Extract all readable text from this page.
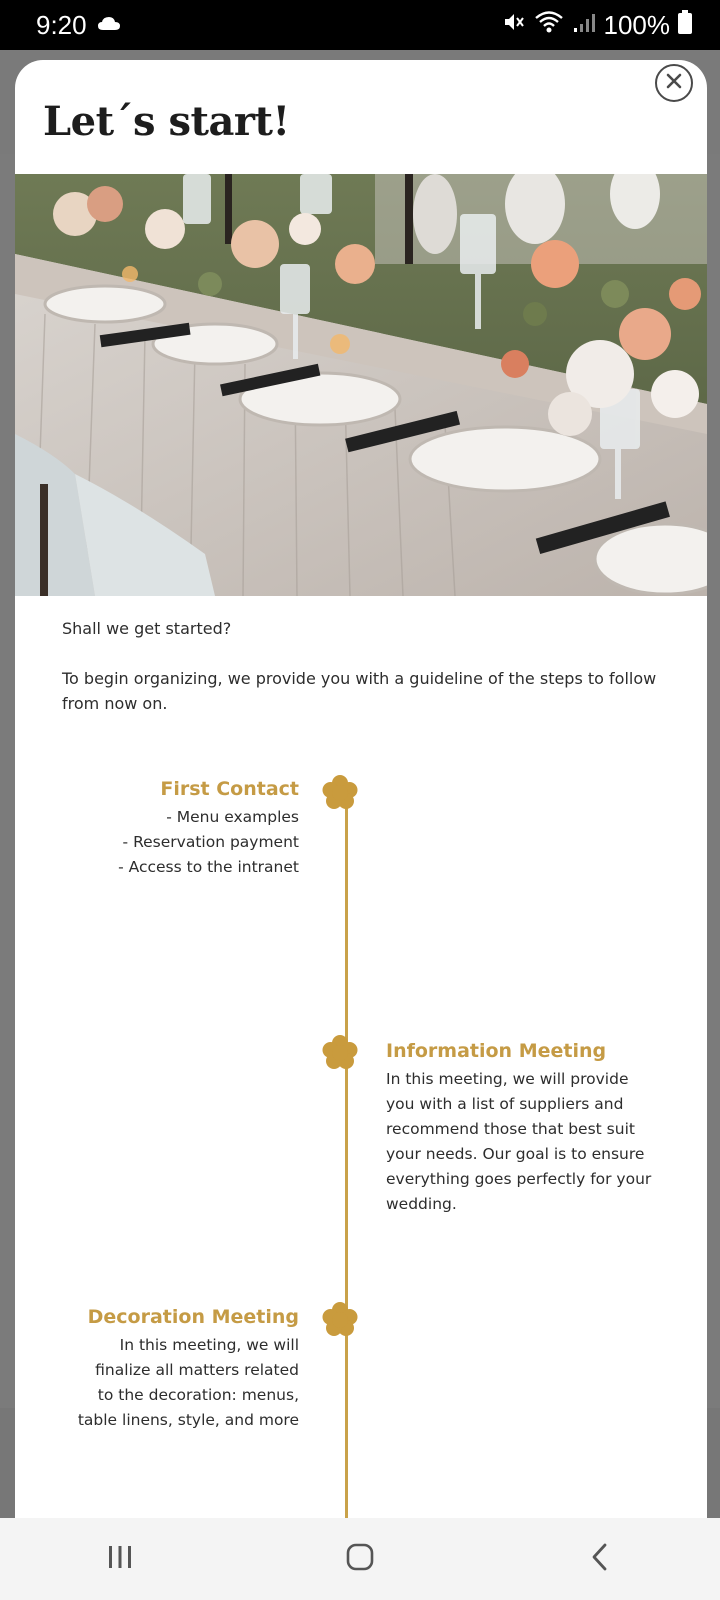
9:20	100%
Let´s start!

Shall we get started?

To begin organizing, we provide you with a guideline of the steps to follow from now on.

First Contact
- Menu examples
- Reservation payment
- Access to the intranet
Information Meeting
In this meeting, we will provide
you with a list of suppliers and
recommend those that best suit
your needs. Our goal is to ensure
everything goes perfectly for your
wedding.
Decoration Meeting
In this meeting, we will
finalize all matters related
to the decoration: menus,
table linens, style, and more
